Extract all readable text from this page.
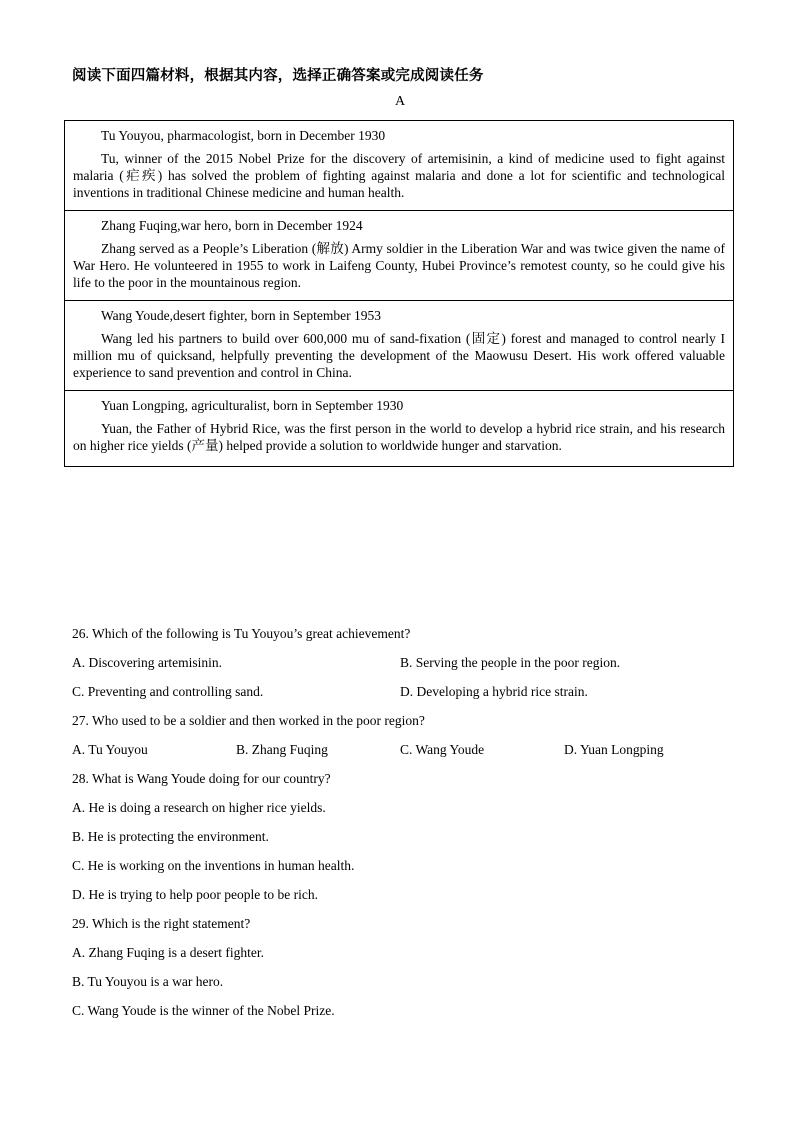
阅读下面四篇材料，根据其内容，选择正确答案或完成阅读任务
A

Tu Youyou, pharmacologist, born in December 1930

Tu, winner of the 2015 Nobel Prize for the discovery of artemisinin, a kind of medicine used to fight against malaria (疟疾) has solved the problem of fighting against malaria and done a lot for scientific and technological inventions in traditional Chinese medicine and human health.

Zhang Fuqing,war hero, born in December 1924

Zhang served as a People’s Liberation (解放) Army soldier in the Liberation War and was twice given the name of War Hero. He volunteered in 1955 to work in Laifeng County, Hubei Province’s remotest county, so he could give his life to the poor in the mountainous region.

Wang Youde,desert fighter, born in September 1953

Wang led his partners to build over 600,000 mu of sand-fixation (固定) forest and managed to control nearly I million mu of quicksand, helpfully preventing the development of the Maowusu Desert. His work offered valuable experience to sand prevention and control in China.

Yuan Longping, agriculturalist, born in September 1930

Yuan, the Father of Hybrid Rice, was the first person in the world to develop a hybrid rice strain, and his research on higher rice yields (产量) helped provide a solution to worldwide hunger and starvation.

26. Which of the following is Tu Youyou’s great achievement?
A. Discovering artemisinin.	B. Serving the people in the poor region.
C. Preventing and controlling sand.	D. Developing a hybrid rice strain.
27. Who used to be a soldier and then worked in the poor region?
A. Tu Youyou	B. Zhang Fuqing	C. Wang Youde	D. Yuan Longping
28. What is Wang Youde doing for our country?
A. He is doing a research on higher rice yields.
B. He is protecting the environment.
C. He is working on the inventions in human health.
D. He is trying to help poor people to be rich.
29. Which is the right statement?
A. Zhang Fuqing is a desert fighter.
B. Tu Youyou is a war hero.
C. Wang Youde is the winner of the Nobel Prize.
